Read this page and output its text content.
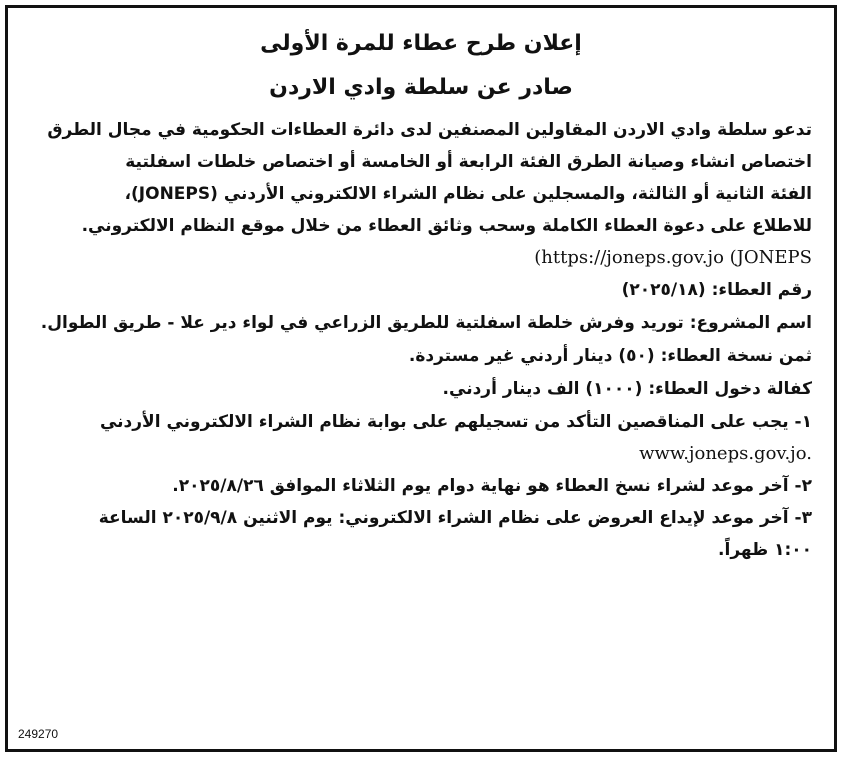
إعلان طرح عطاء للمرة الأولى

صادر عن سلطة وادي الاردن

تدعو سلطة وادي الاردن المقاولين المصنفين لدى دائرة العطاءات الحكومية في مجال الطرق
اختصاص انشاء وصيانة الطرق الفئة الرابعة أو الخامسة أو اختصاص خلطات اسفلتية
الفئة الثانية أو الثالثة، والمسجلين على نظام الشراء الالكتروني الأردني (JONEPS)،
للاطلاع على دعوة العطاء الكاملة وسحب وثائق العطاء من خلال موقع النظام الالكتروني.
(https://joneps.gov.jo (JONEPS

رقم العطاء: (٢٠٢٥/١٨)

اسم المشروع: توريد وفرش خلطة اسفلتية للطريق الزراعي في لواء دير علا - طريق الطوال.

ثمن نسخة العطاء: (٥٠) دينار أردني غير مستردة.

كفالة دخول العطاء: (١٠٠٠) الف دينار أردني.

١- يجب على المناقصين التأكد من تسجيلهم على بوابة نظام الشراء الالكتروني الأردني
www.joneps.gov.jo.

٢- آخر موعد لشراء نسخ العطاء هو نهاية دوام يوم الثلاثاء الموافق ٢٠٢٥/٨/٢٦.

٣- آخر موعد لإيداع العروض على نظام الشراء الالكتروني: يوم الاثنين ٢٠٢٥/٩/٨ الساعة
١:٠٠ ظهراً.

249270
